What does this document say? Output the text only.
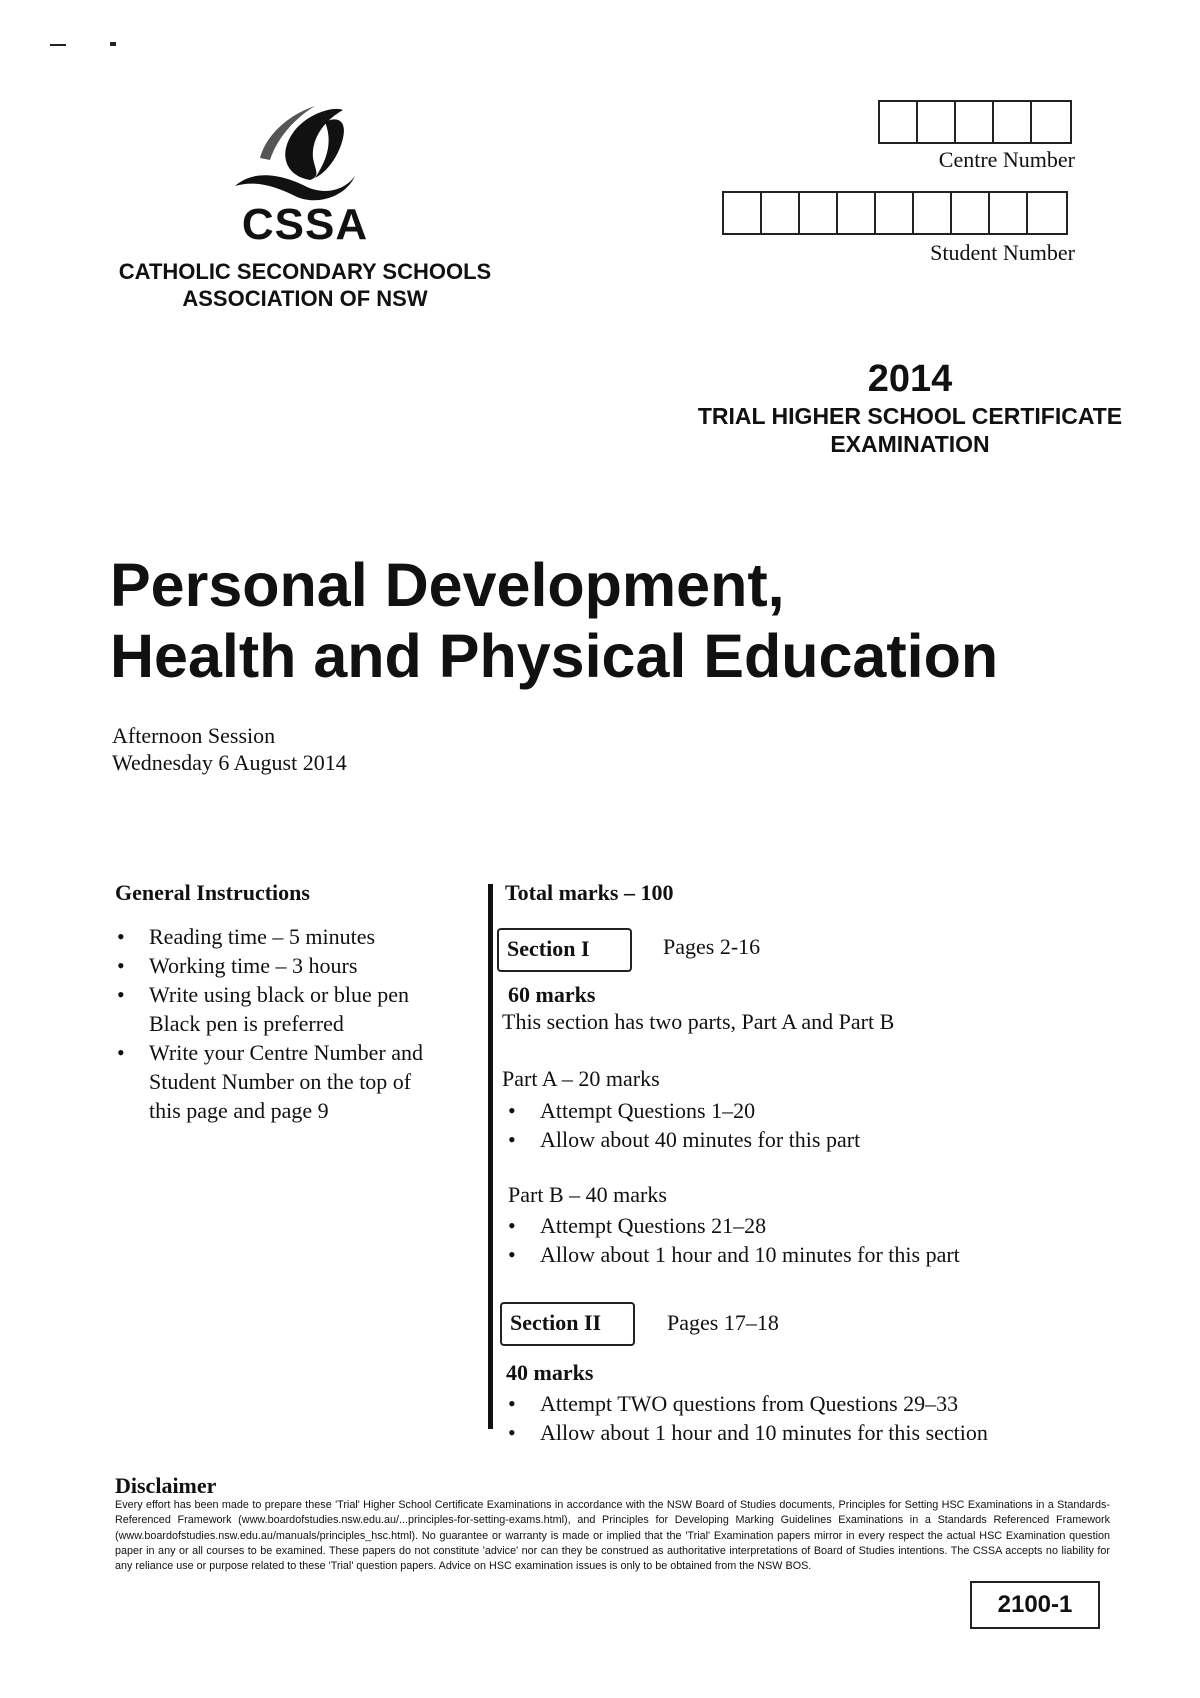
CSSA
CATHOLIC SECONDARY SCHOOLS
ASSOCIATION OF NSW
Centre Number
Student Number
2014
TRIAL HIGHER SCHOOL CERTIFICATE
EXAMINATION
Personal Development,
Health and Physical Education
Afternoon Session
Wednesday 6 August 2014
General Instructions
• Reading time – 5 minutes
• Working time – 3 hours
• Write using black or blue pen
Black pen is preferred
• Write your Centre Number and
Student Number on the top of
this page and page 9
Total marks – 100
Section I	Pages 2-16
60 marks
This section has two parts, Part A and Part B
Part A – 20 marks
• Attempt Questions 1–20
• Allow about 40 minutes for this part
Part B – 40 marks
• Attempt Questions 21–28
• Allow about 1 hour and 10 minutes for this part
Section II	Pages 17–18
40 marks
• Attempt TWO questions from Questions 29–33
• Allow about 1 hour and 10 minutes for this section
Disclaimer
Every effort has been made to prepare these 'Trial' Higher School Certificate Examinations in accordance with the NSW Board of Studies documents, Principles for Setting HSC Examinations in a Standards-Referenced Framework (www.boardofstudies.nsw.edu.au/...principles-for-setting-exams.html), and Principles for Developing Marking Guidelines Examinations in a Standards Referenced Framework (www.boardofstudies.nsw.edu.au/manuals/principles_hsc.html). No guarantee or warranty is made or implied that the 'Trial' Examination papers mirror in every respect the actual HSC Examination question paper in any or all courses to be examined. These papers do not constitute 'advice' nor can they be construed as authoritative interpretations of Board of Studies intentions. The CSSA accepts no liability for any reliance use or purpose related to these 'Trial' question papers. Advice on HSC examination issues is only to be obtained from the NSW BOS.
2100-1
